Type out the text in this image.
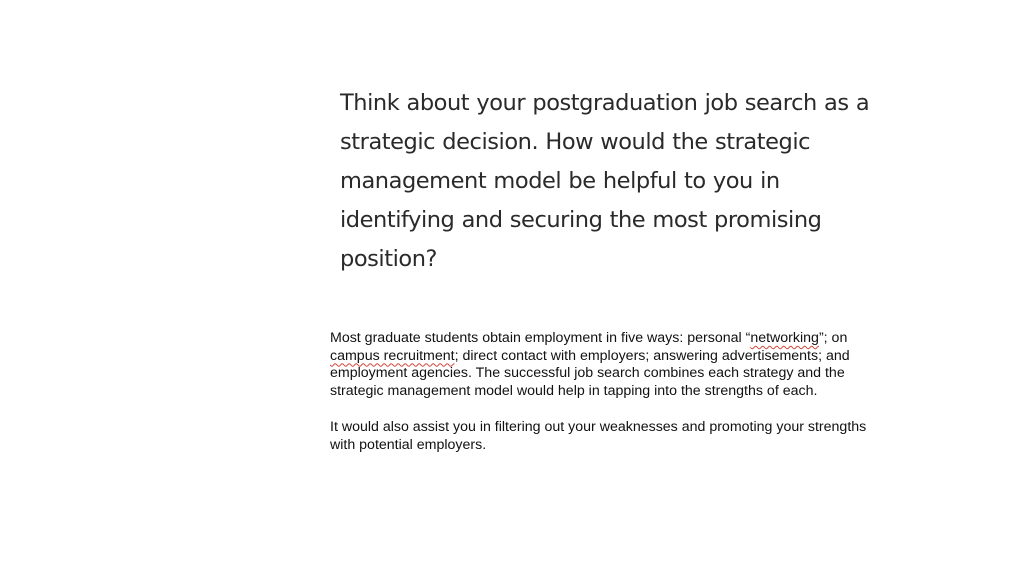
Think about your postgraduation job search as a
strategic decision. How would the strategic
management model be helpful to you in
identifying and securing the most promising
position?

Most graduate students obtain employment in five ways: personal “networking”; on
campus recruitment; direct contact with employers; answering advertisements; and
employment agencies. The successful job search combines each strategy and the
strategic management model would help in tapping into the strengths of each.

It would also assist you in filtering out your weaknesses and promoting your strengths
with potential employers.
